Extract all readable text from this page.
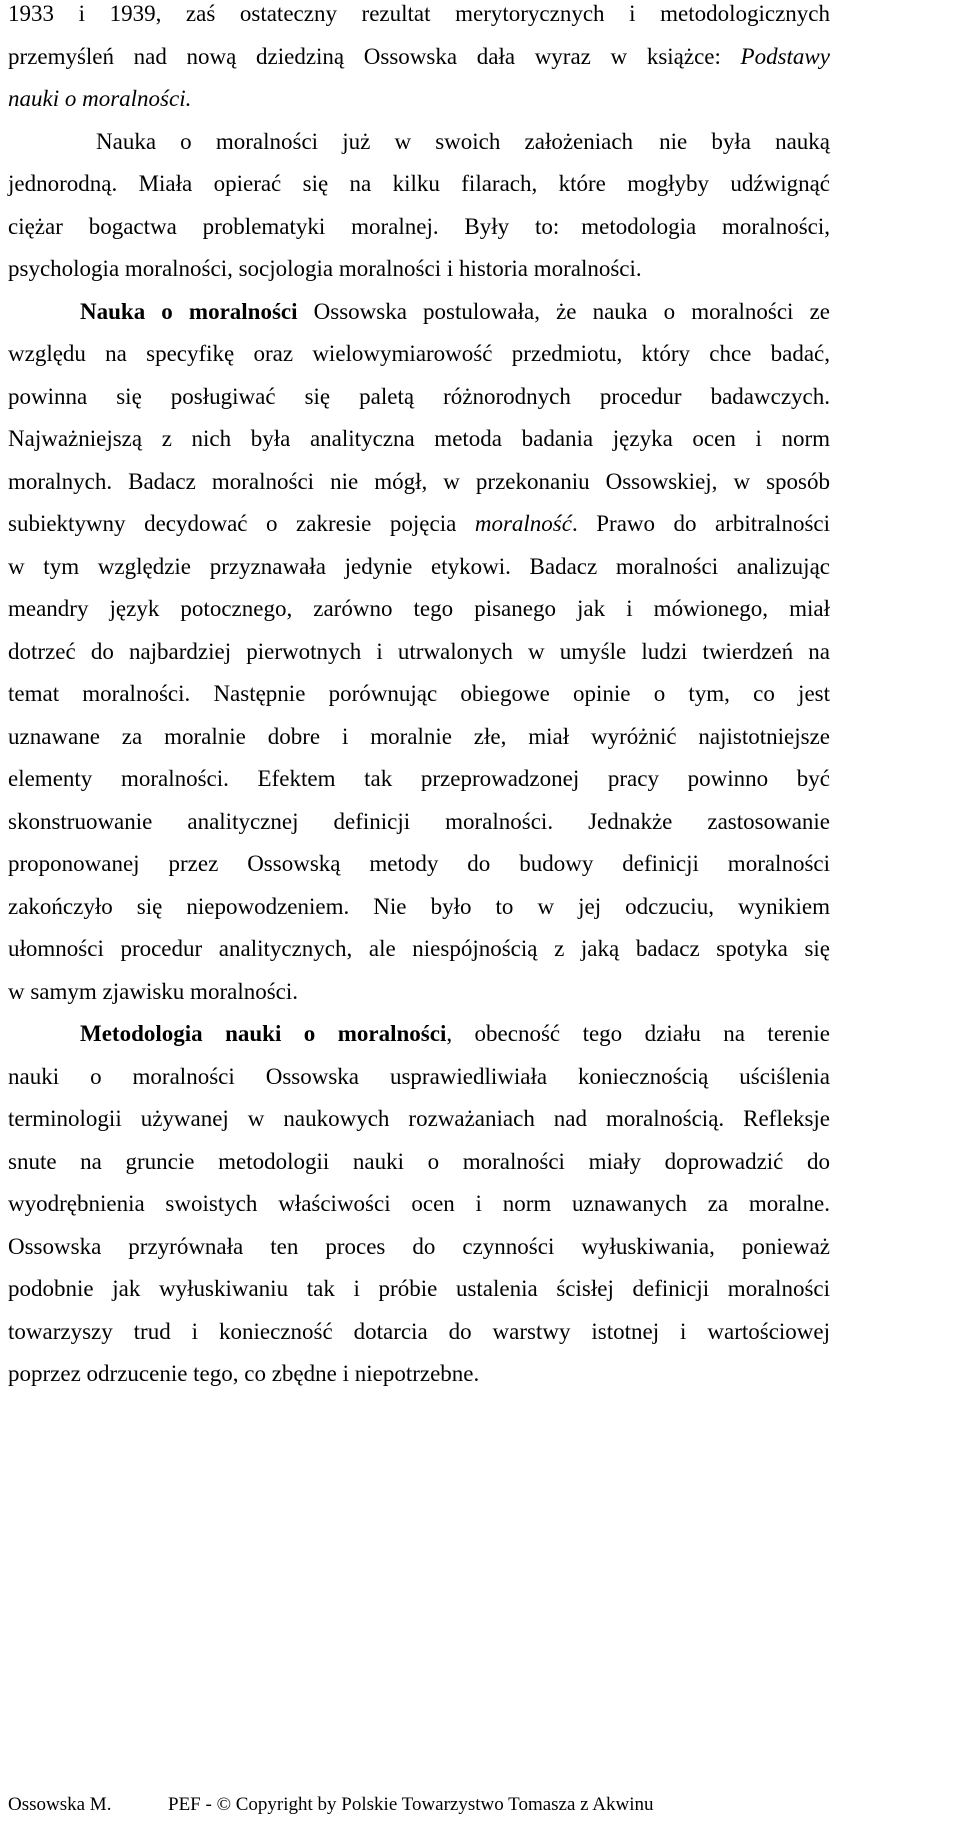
1933 i 1939, zaś ostateczny rezultat merytorycznych i metodologicznych
przemyśleń nad nową dziedziną Ossowska dała wyraz w książce: Podstawy
nauki o moralności.
Nauka o moralności już w swoich założeniach nie była nauką
jednorodną. Miała opierać się na kilku filarach, które mogłyby udźwignąć
ciężar bogactwa problematyki moralnej. Były to: metodologia moralności,
psychologia moralności, socjologia moralności i historia moralności.
Nauka o moralności Ossowska postulowała, że nauka o moralności ze
względu na specyfikę oraz wielowymiarowość przedmiotu, który chce badać,
powinna się posługiwać się paletą różnorodnych procedur badawczych.
Najważniejszą z nich była analityczna metoda badania języka ocen i norm
moralnych. Badacz moralności nie mógł, w przekonaniu Ossowskiej, w sposób
subiektywny decydować o zakresie pojęcia moralność. Prawo do arbitralności
w tym względzie przyznawała jedynie etykowi. Badacz moralności analizując
meandry język potocznego, zarówno tego pisanego jak i mówionego, miał
dotrzeć do najbardziej pierwotnych i utrwalonych w umyśle ludzi twierdzeń na
temat moralności. Następnie porównując obiegowe opinie o tym, co jest
uznawane za moralnie dobre i moralnie złe, miał wyróżnić najistotniejsze
elementy moralności. Efektem tak przeprowadzonej pracy powinno być
skonstruowanie analitycznej definicji moralności. Jednakże zastosowanie
proponowanej przez Ossowską metody do budowy definicji moralności
zakończyło się niepowodzeniem. Nie było to w jej odczuciu, wynikiem
ułomności procedur analitycznych, ale niespójnością z jaką badacz spotyka się
w samym zjawisku moralności.
Metodologia nauki o moralności, obecność tego działu na terenie
nauki o moralności Ossowska usprawiedliwiała koniecznością uściślenia
terminologii używanej w naukowych rozważaniach nad moralnością. Refleksje
snute na gruncie metodologii nauki o moralności miały doprowadzić do
wyodrębnienia swoistych właściwości ocen i norm uznawanych za moralne.
Ossowska przyrównała ten proces do czynności wyłuskiwania, ponieważ
podobnie jak wyłuskiwaniu tak i próbie ustalenia ścisłej definicji moralności
towarzyszy trud i konieczność dotarcia do warstwy istotnej i wartościowej
poprzez odrzucenie tego, co zbędne i niepotrzebne.
Ossowska M.	PEF - © Copyright by Polskie Towarzystwo Tomasza z Akwinu
